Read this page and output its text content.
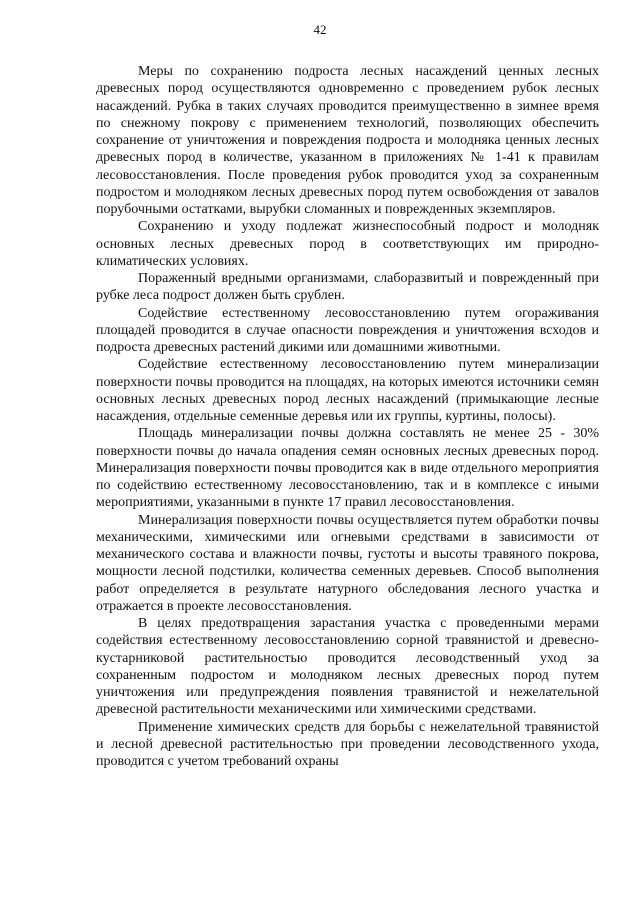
42

Меры по сохранению подроста лесных насаждений ценных лесных древесных пород осуществляются одновременно с проведением рубок лесных насаждений. Рубка в таких случаях проводится преимущественно в зимнее время по снежному покрову с применением технологий, позволяющих обеспечить сохранение от уничтожения и повреждения подроста и молодняка ценных лесных древесных пород в количестве, указанном в приложениях № 1-41 к правилам лесовосстановления. После проведения рубок проводится уход за сохраненным подростом и молодняком лесных древесных пород путем освобождения от завалов порубочными остатками, вырубки сломанных и поврежденных экземпляров.

Сохранению и уходу подлежат жизнеспособный подрост и молодняк основных лесных древесных пород в соответствующих им природно-климатических условиях.

Пораженный вредными организмами, слаборазвитый и поврежденный при рубке леса подрост должен быть срублен.

Содействие естественному лесовосстановлению путем огораживания площадей проводится в случае опасности повреждения и уничтожения всходов и подроста древесных растений дикими или домашними животными.

Содействие естественному лесовосстановлению путем минерализации поверхности почвы проводится на площадях, на которых имеются источники семян основных лесных древесных пород лесных насаждений (примыкающие лесные насаждения, отдельные семенные деревья или их группы, куртины, полосы).

Площадь минерализации почвы должна составлять не менее 25 - 30% поверхности почвы до начала опадения семян основных лесных древесных пород. Минерализация поверхности почвы проводится как в виде отдельного мероприятия по содействию естественному лесовосстановлению, так и в комплексе с иными мероприятиями, указанными в пункте 17 правил лесовосстановления.

Минерализация поверхности почвы осуществляется путем обработки почвы механическими, химическими или огневыми средствами в зависимости от механического состава и влажности почвы, густоты и высоты травяного покрова, мощности лесной подстилки, количества семенных деревьев. Способ выполнения работ определяется в результате натурного обследования лесного участка и отражается в проекте лесовосстановления.

В целях предотвращения зарастания участка с проведенными мерами содействия естественному лесовосстановлению сорной травянистой и древесно-кустарниковой растительностью проводится лесоводственный уход за сохраненным подростом и молодняком лесных древесных пород путем уничтожения или предупреждения появления травянистой и нежелательной древесной растительности механическими или химическими средствами.

Применение химических средств для борьбы с нежелательной травянистой и лесной древесной растительностью при проведении лесоводственного ухода, проводится с учетом требований охраны
